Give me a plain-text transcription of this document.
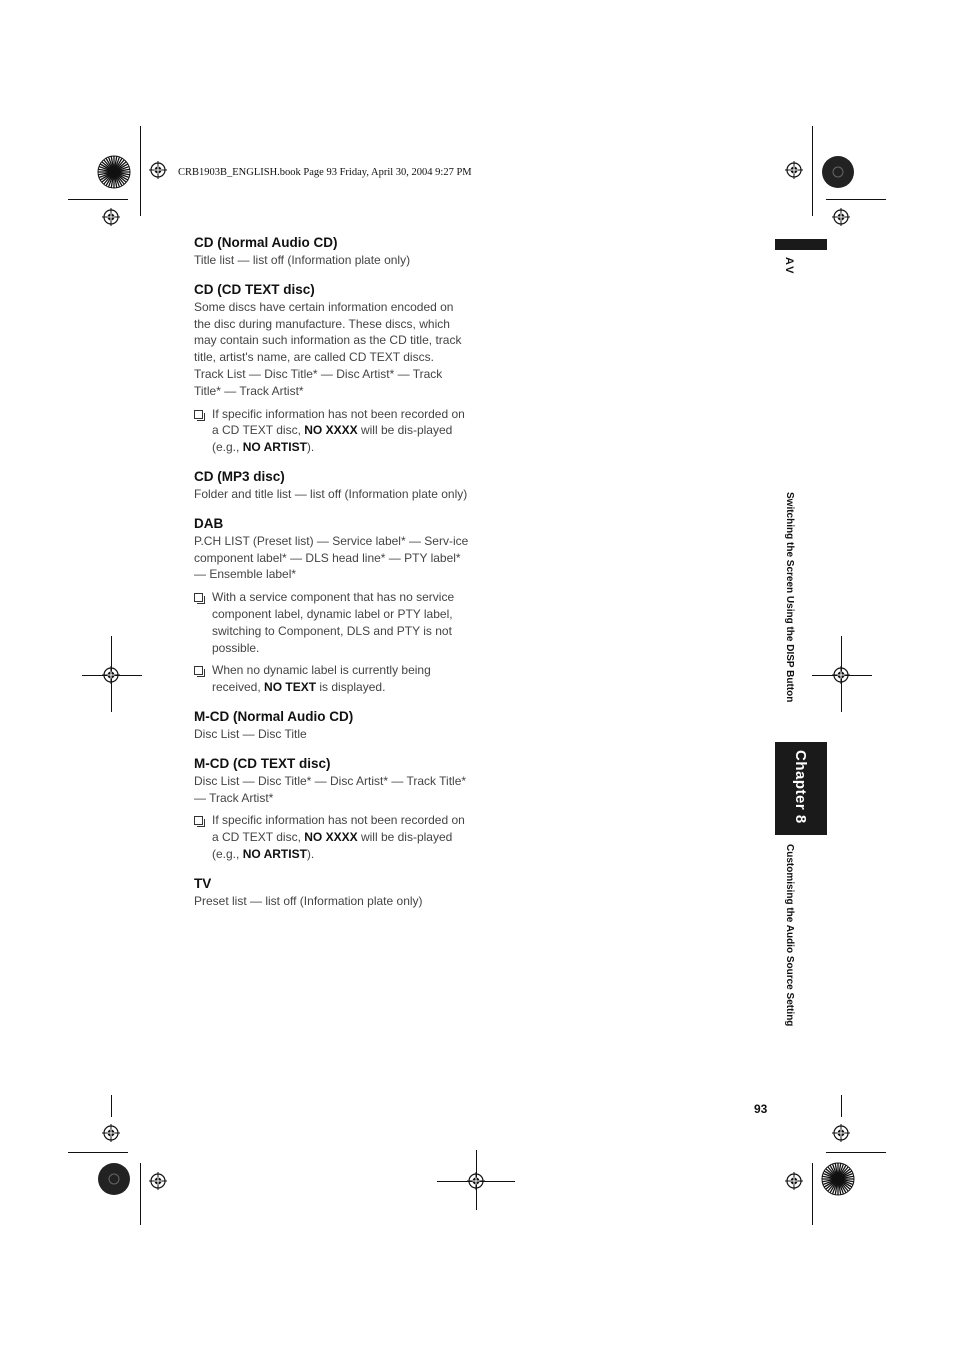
CRB1903B_ENGLISH.book Page 93 Friday, April 30, 2004 9:27 PM
CD (Normal Audio CD)
Title list — list off (Information plate only)
CD (CD TEXT disc)
Some discs have certain information encoded on the disc during manufacture. These discs, which may contain such information as the CD title, track title, artist's name, are called CD TEXT discs.
Track List — Disc Title* — Disc Artist* — Track Title* — Track Artist*
If specific information has not been recorded on a CD TEXT disc, NO XXXX will be dis-played (e.g., NO ARTIST).
CD (MP3 disc)
Folder and title list — list off (Information plate only)
DAB
P.CH LIST (Preset list) — Service label* — Serv-ice component label* — DLS head line* — PTY label* — Ensemble label*
With a service component that has no service component label, dynamic label or PTY label, switching to Component, DLS and PTY is not possible.
When no dynamic label is currently being received, NO TEXT is displayed.
M-CD (Normal Audio CD)
Disc List — Disc Title
M-CD (CD TEXT disc)
Disc List — Disc Title* — Disc Artist* — Track Title* — Track Artist*
If specific information has not been recorded on a CD TEXT disc, NO XXXX will be dis-played (e.g., NO ARTIST).
TV
Preset list — list off (Information plate only)
AV
Switching the Screen Using the DISP Button
Chapter 8
Customising the Audio Source Setting
93
